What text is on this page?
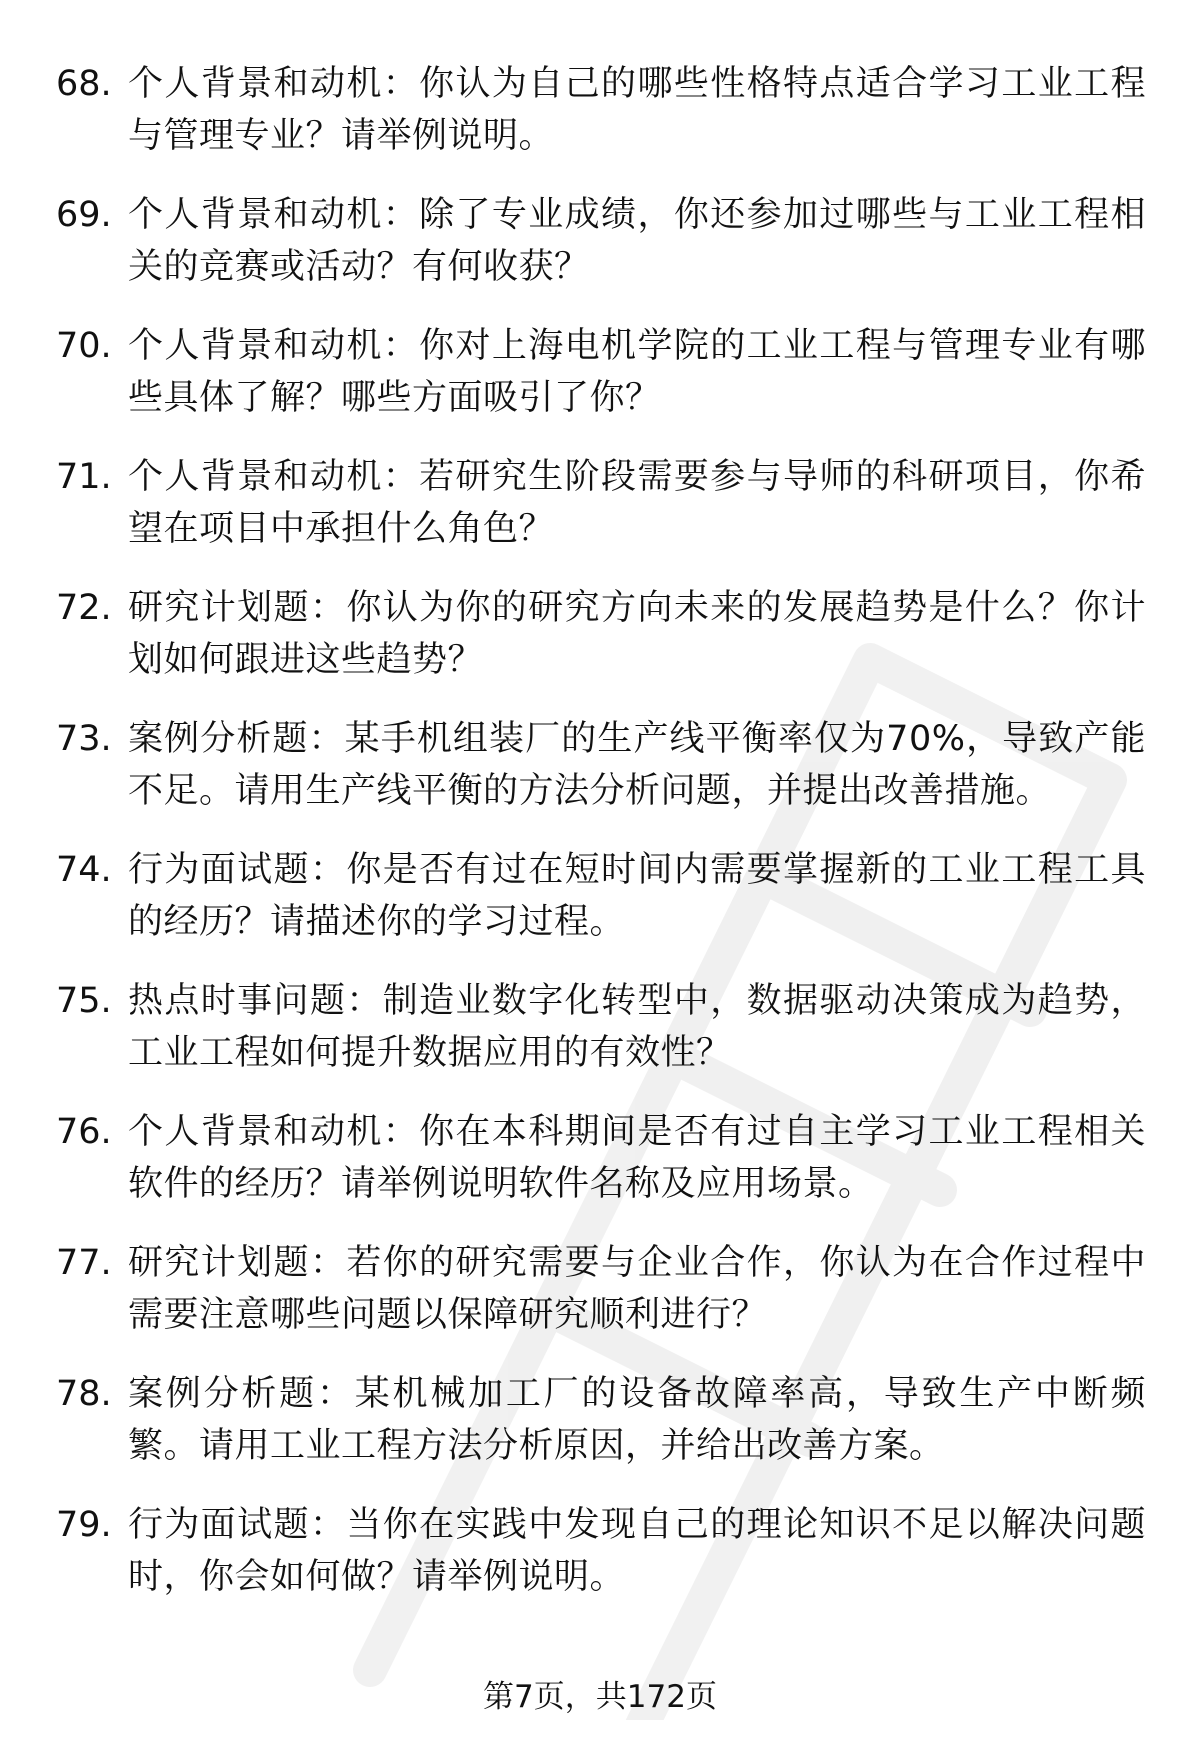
68. 个人背景和动机：你认为自己的哪些性格特点适合学习工业工程与管理专业？请举例说明。
69. 个人背景和动机：除了专业成绩，你还参加过哪些与工业工程相关的竞赛或活动？有何收获？
70. 个人背景和动机：你对上海电机学院的工业工程与管理专业有哪些具体了解？哪些方面吸引了你？
71. 个人背景和动机：若研究生阶段需要参与导师的科研项目，你希望在项目中承担什么角色？
72. 研究计划题：你认为你的研究方向未来的发展趋势是什么？你计划如何跟进这些趋势？
73. 案例分析题：某手机组装厂的生产线平衡率仅为70%，导致产能不足。请用生产线平衡的方法分析问题，并提出改善措施。
74. 行为面试题：你是否有过在短时间内需要掌握新的工业工程工具的经历？请描述你的学习过程。
75. 热点时事问题：制造业数字化转型中，数据驱动决策成为趋势，工业工程如何提升数据应用的有效性？
76. 个人背景和动机：你在本科期间是否有过自主学习工业工程相关软件的经历？请举例说明软件名称及应用场景。
77. 研究计划题：若你的研究需要与企业合作，你认为在合作过程中需要注意哪些问题以保障研究顺利进行？
78. 案例分析题：某机械加工厂的设备故障率高，导致生产中断频繁。请用工业工程方法分析原因，并给出改善方案。
79. 行为面试题：当你在实践中发现自己的理论知识不足以解决问题时，你会如何做？请举例说明。
第7页，共172页
